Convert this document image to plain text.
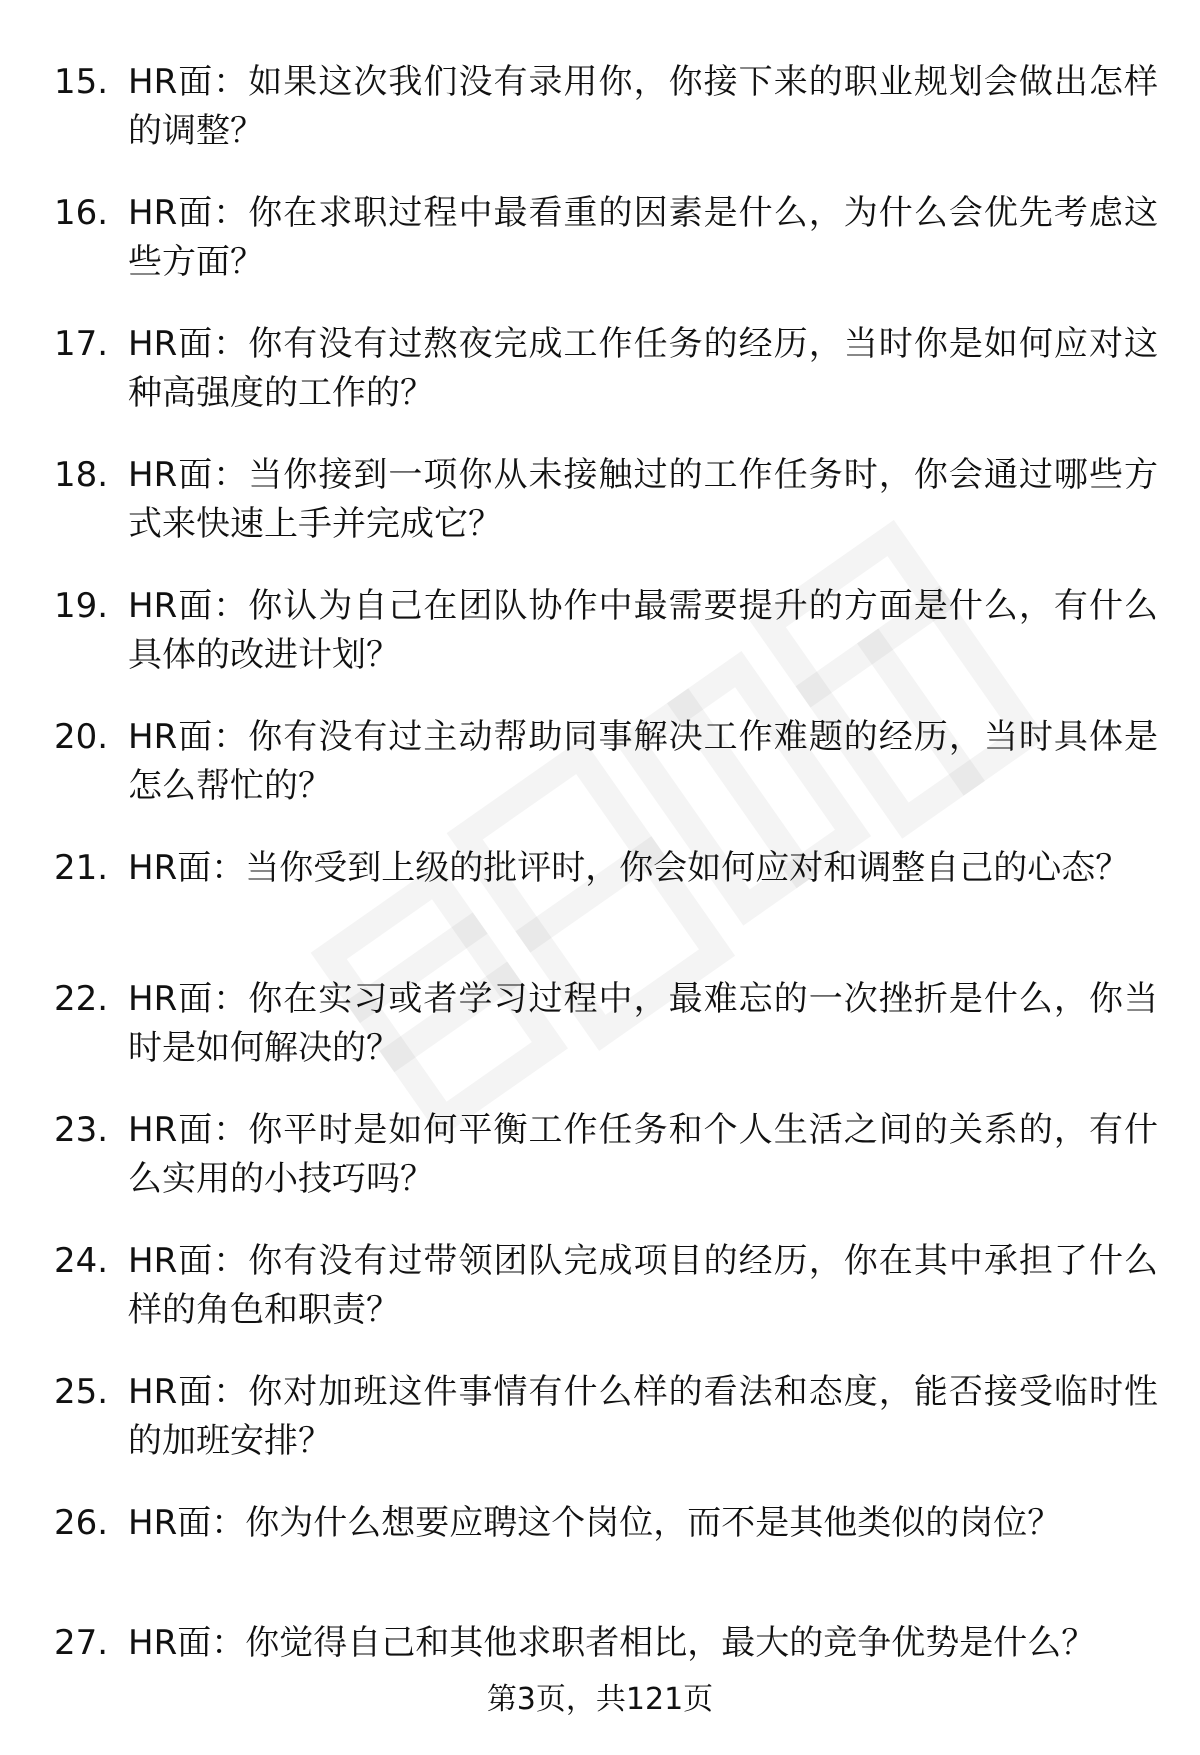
15. HR面：如果这次我们没有录用你，你接下来的职业规划会做出怎样的调整？
16. HR面：你在求职过程中最看重的因素是什么，为什么会优先考虑这些方面？
17. HR面：你有没有过熬夜完成工作任务的经历，当时你是如何应对这种高强度的工作的？
18. HR面：当你接到一项你从未接触过的工作任务时，你会通过哪些方式来快速上手并完成它？
19. HR面：你认为自己在团队协作中最需要提升的方面是什么，有什么具体的改进计划？
20. HR面：你有没有过主动帮助同事解决工作难题的经历，当时具体是怎么帮忙的？
21. HR面：当你受到上级的批评时，你会如何应对和调整自己的心态？
22. HR面：你在实习或者学习过程中，最难忘的一次挫折是什么，你当时是如何解决的？
23. HR面：你平时是如何平衡工作任务和个人生活之间的关系的，有什么实用的小技巧吗？
24. HR面：你有没有过带领团队完成项目的经历，你在其中承担了什么样的角色和职责？
25. HR面：你对加班这件事情有什么样的看法和态度，能否接受临时性的加班安排？
26. HR面：你为什么想要应聘这个岗位，而不是其他类似的岗位？
27. HR面：你觉得自己和其他求职者相比，最大的竞争优势是什么？
第3页，共121页
